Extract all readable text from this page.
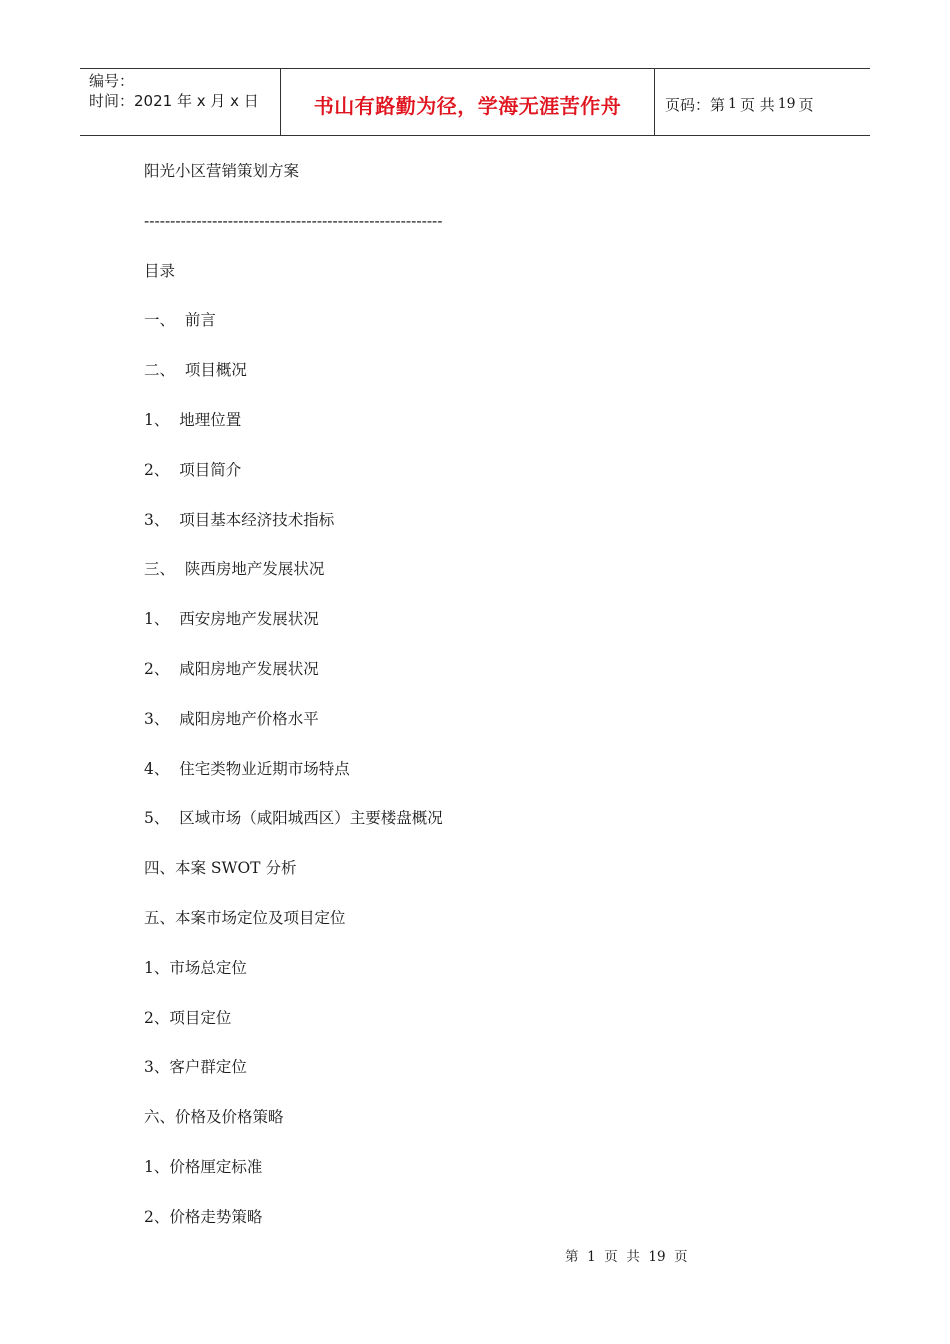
编号：
时间：2021 年 x 月 x 日	书山有路勤为径，学海无涯苦作舟	页码：第 1 页 共 19 页
阳光小区营销策划方案
---------------------------------------------------------
目录
一、  前言
二、  项目概况
1、  地理位置
2、  项目简介
3、  项目基本经济技术指标
三、  陕西房地产发展状况
1、  西安房地产发展状况
2、  咸阳房地产发展状况
3、  咸阳房地产价格水平
4、  住宅类物业近期市场特点
5、  区域市场（咸阳城西区）主要楼盘概况
四、本案 SWOT 分析
五、本案市场定位及项目定位
1、市场总定位
2、项目定位
3、客户群定位
六、价格及价格策略
1、价格厘定标准
2、价格走势策略
第  1  页  共  19  页
